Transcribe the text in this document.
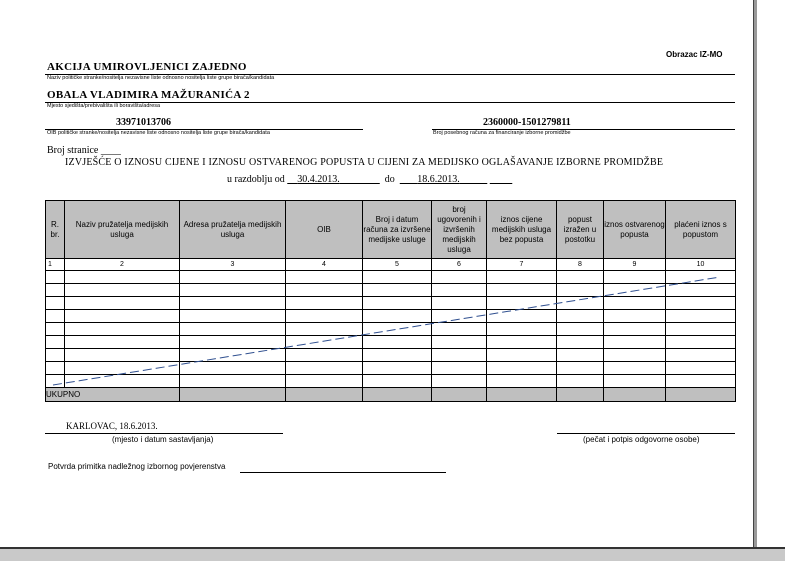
Obrazac IZ-MO
AKCIJA UMIROVLJENICI ZAJEDNO
Naziv političke stranke/nositelja nezavisne liste odnosno nositelja liste grupe birača/kandidata
OBALA VLADIMIRA MAŽURANIĆA 2
Mjesto sjedišta/prebivališta ili boravišta/adresa
33971013706
OIB političke stranke/nositelja nezavisne liste odnosno nositelja liste grupe birača/kandidata
2360000-1501279811
Broj posebnog računa za financiranje izborne promidžbe
Broj stranice ____
IZVJEŠĆE O IZNOSU CIJENE I IZNOSU OSTVARENOG POPUSTA U CIJENI ZA MEDIJSKO OGLAŠAVANJE IZBORNE PROMIDŽBE
u razdoblju od 30.4.2013.	do 18.6.2013.
R. br.	Naziv pružatelja medijskih usluga	Adresa pružatelja medijskih usluga	OIB	Broj i datum računa za izvršene medijske usluge	broj ugovorenih i izvršenih medijskih usluga	iznos cijene medijskih usluga bez popusta	popust izražen u postotku	iznos ostvarenog popusta	plaćeni iznos s popustom
1	2	3	4	5	6	7	8	9	10

UKUPNO									
KARLOVAC, 18.6.2013.
(mjesto i datum sastavljanja)	(pečat i potpis odgovorne osobe)
Potvrda primitka nadležnog izbornog povjerenstva
